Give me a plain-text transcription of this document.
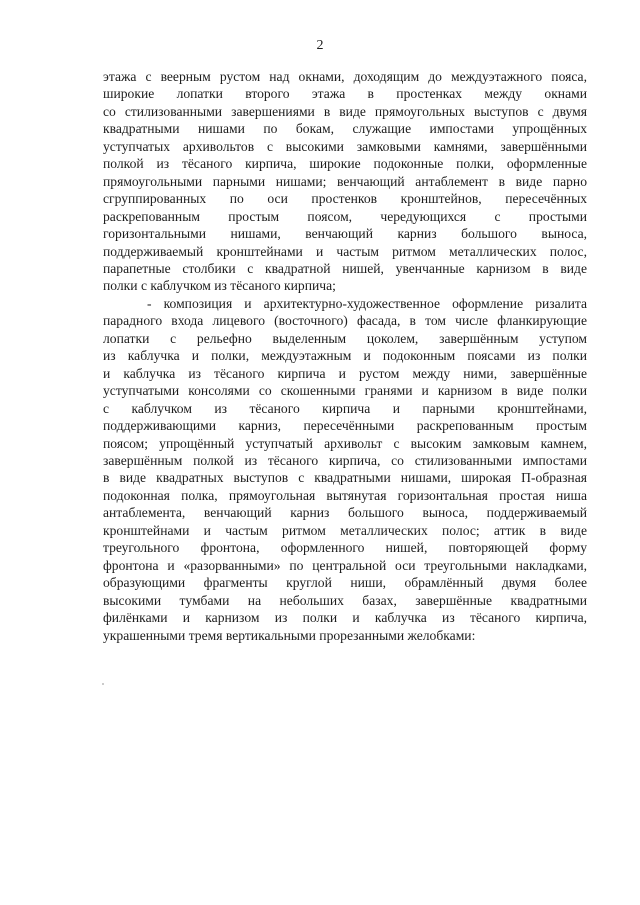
2

этажа с веерным рустом над окнами, доходящим до междуэтажного пояса,
широкие лопатки второго этажа в простенках между окнами
со стилизованными завершениями в виде прямоугольных выступов с двумя
квадратными нишами по бокам, служащие импостами упрощённых
уступчатых архивольтов с высокими замковыми камнями, завершёнными
полкой из тёсаного кирпича, широкие подоконные полки, оформленные
прямоугольными парными нишами; венчающий антаблемент в виде парно
сгруппированных по оси простенков кронштейнов, пересечённых
раскрепованным простым поясом, чередующихся с простыми
горизонтальными нишами, венчающий карниз большого выноса,
поддерживаемый кронштейнами и частым ритмом металлических полос,
парапетные столбики с квадратной нишей, увенчанные карнизом в виде
полки с каблучком из тёсаного кирпича;

- композиция и архитектурно-художественное оформление ризалита
парадного входа лицевого (восточного) фасада, в том числе фланкирующие
лопатки с рельефно выделенным цоколем, завершённым уступом
из каблучка и полки, междуэтажным и подоконным поясами из полки
и каблучка из тёсаного кирпича и рустом между ними, завершённые
уступчатыми консолями со скошенными гранями и карнизом в виде полки
с каблучком из тёсаного кирпича и парными кронштейнами,
поддерживающими карниз, пересечёнными раскрепованным простым
поясом; упрощённый уступчатый архивольт с высоким замковым камнем,
завершённым полкой из тёсаного кирпича, со стилизованными импостами
в виде квадратных выступов с квадратными нишами, широкая П-образная
подоконная полка, прямоугольная вытянутая горизонтальная простая ниша
антаблемента, венчающий карниз большого выноса, поддерживаемый
кронштейнами и частым ритмом металлических полос; аттик в виде
треугольного фронтона, оформленного нишей, повторяющей форму
фронтона и «разорванными» по центральной оси треугольными накладками,
образующими фрагменты круглой ниши, обрамлённый двумя более
высокими тумбами на небольших базах, завершённые квадратными
филёнками и карнизом из полки и каблучка из тёсаного кирпича,
украшенными тремя вертикальными прорезанными желобками:
